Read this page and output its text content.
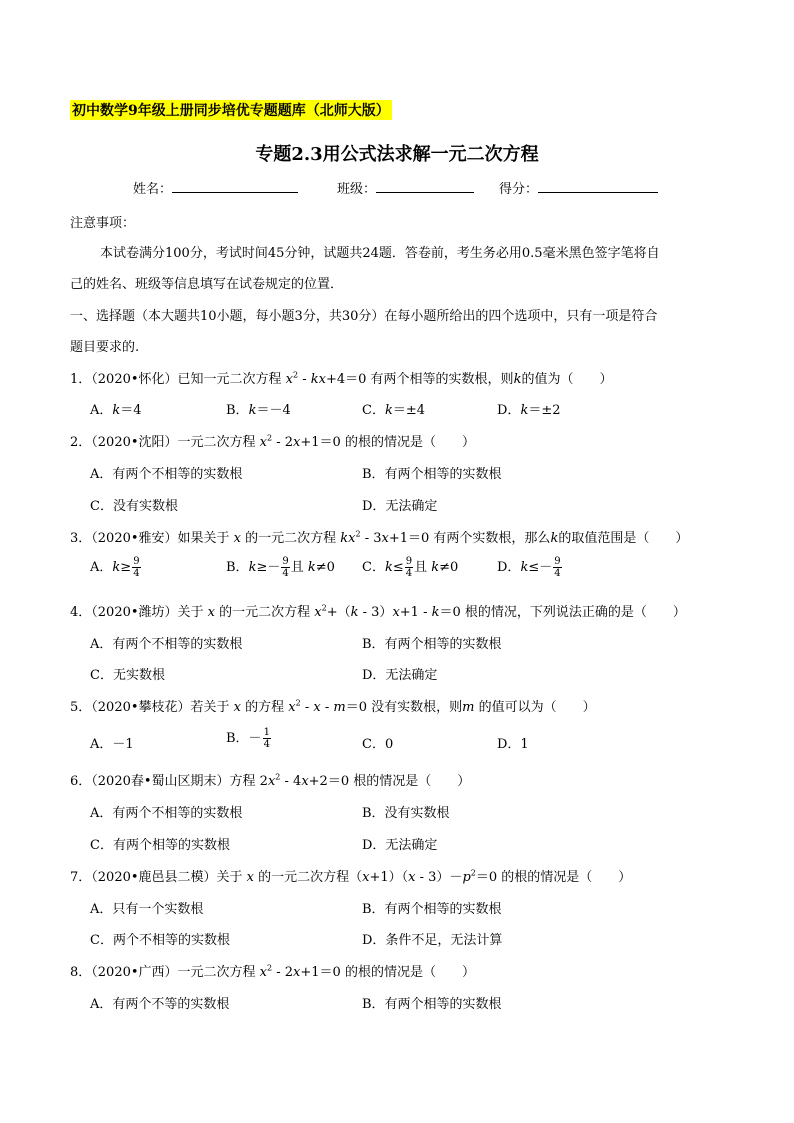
初中数学9年级上册同步培优专题题库（北师大版）
专题2.3用公式法求解一元二次方程
姓名：	班级：	得分：
注意事项：
本试卷满分100分，考试时间45分钟，试题共24题．答卷前，考生务必用0.5毫米黑色签字笔将自
己的姓名、班级等信息填写在试卷规定的位置．
一、选择题（本大题共10小题，每小题3分，共30分）在每小题所给出的四个选项中，只有一项是符合
题目要求的.
1．（2020•怀化）已知一元二次方程 $x^2 - kx+4=0$ 有两个相等的实数根，则k的值为（　　）
A．k＝4	B．k＝－4	C．k＝±4	D．k＝±2
2．（2020•沈阳）一元二次方程 $x^2 - 2x+1=0$ 的根的情况是（　　）
A．有两个不相等的实数根	B．有两个相等的实数根
C．没有实数根	D．无法确定
3．（2020•雅安）如果关于 x 的一元二次方程 $kx^2 - 3x+1=0$ 有两个实数根，那么k的取值范围是（　　）
A．$k\ge \frac{9}{4}$	B．$k\ge- \frac{9}{4}$ 且 k≠0 C．$k\le \frac{9}{4}$ 且 k≠0	D．$k\le- \frac{9}{4}$
4．（2020•潍坊）关于 x 的一元二次方程 $x^2+(k - 3)x+1 - k=0$ 根的情况，下列说法正确的是（　　）
A．有两个不相等的实数根	B．有两个相等的实数根
C．无实数根	D．无法确定
5．（2020•攀枝花）若关于 x 的方程 $x^2 - x - m=0$ 没有实数根，则m 的值可以为（　　）
A．－1	B．－ $\frac{1}{4}$	C．0	D．1
6．（2020春•蜀山区期末）方程 $2x^2 - 4x+2=0$ 根的情况是（　　）
A．有两个不相等的实数根	B．没有实数根
C．有两个相等的实数根	D．无法确定
7．（2020•鹿邑县二模）关于 x 的一元二次方程$(x+1)(x - 3)-p^2=0$ 的根的情况是（　　）
A．只有一个实数根	B．有两个相等的实数根
C．两个不相等的实数根	D．条件不足，无法计算
8．（2020•广西）一元二次方程 $x^2 - 2x+1=0$ 的根的情况是（　　）
A．有两个不等的实数根	B．有两个相等的实数根
